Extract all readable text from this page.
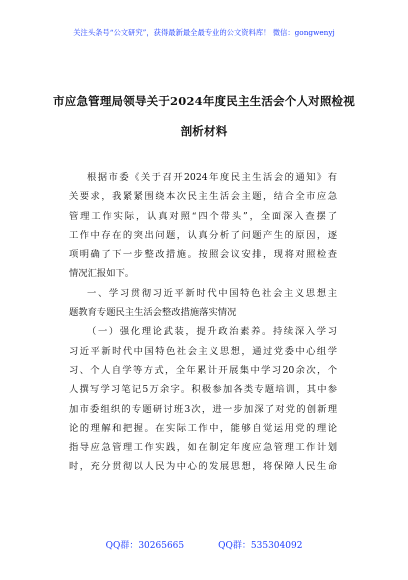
关注头条号“公文研究”，获得最新最全最专业的公文资料库！ 微信：gongwenyj
市应急管理局领导关于2024年度民主生活会个人对照检视
剖析材料
根据市委《关于召开2024年度民主生活会的通知》有
关要求，我紧紧围绕本次民主生活会主题，结合全市应急
管理工作实际，认真对照“四个带头”，全面深入查摆了
工作中存在的突出问题，认真分析了问题产生的原因，逐
项明确了下一步整改措施。按照会议安排，现将对照检查
情况汇报如下。
一、学习贯彻习近平新时代中国特色社会主义思想主
题教育专题民主生活会整改措施落实情况
（一）强化理论武装，提升政治素养。持续深入学习
习近平新时代中国特色社会主义思想，通过党委中心组学
习、个人自学等方式，全年累计开展集中学习20余次，个
人撰写学习笔记5万余字。积极参加各类专题培训，其中参
加市委组织的专题研讨班3次，进一步加深了对党的创新理
论的理解和把握。在实际工作中，能够自觉运用党的理论
指导应急管理工作实践，如在制定年度应急管理工作计划
时，充分贯彻以人民为中心的发展思想，将保障人民生命
QQ群：30265665	QQ群：535304092
